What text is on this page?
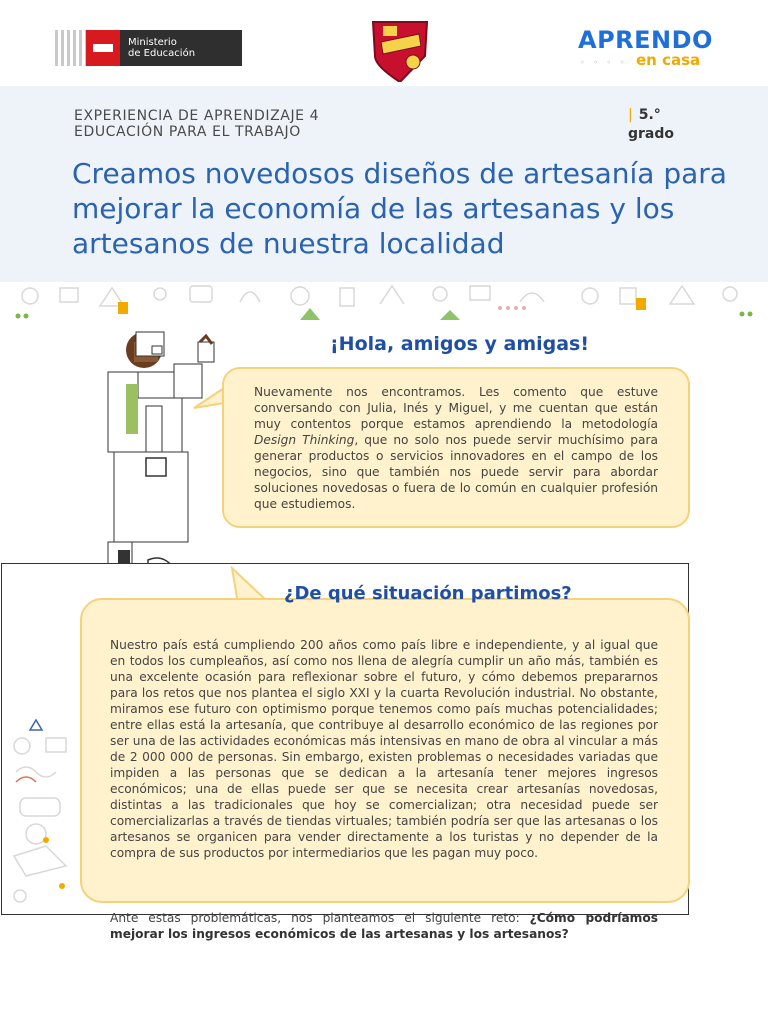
Ministerio
de Educación	APRENDO
◦ ◦ ◦ ◦ en casa
EXPERIENCIA DE APRENDIZAJE 4
EDUCACIÓN PARA EL TRABAJO
| 5.°
grado
Creamos novedosos diseños de artesanía para mejorar la economía de las artesanas y los artesanos de nuestra localidad
¡Hola, amigos y amigas!
Nuevamente nos encontramos. Les comento que estuve conversando con Julia, Inés y Miguel, y me cuentan que están muy contentos porque estamos aprendiendo la metodología Design Thinking, que no solo nos puede servir muchísimo para generar productos o servicios innovadores en el campo de los negocios, sino que también nos puede servir para abordar soluciones novedosas o fuera de lo común en cualquier profesión que estudiemos.
¿De qué situación partimos?
Nuestro país está cumpliendo 200 años como país libre e independiente, y al igual que en todos los cumpleaños, así como nos llena de alegría cumplir un año más, también es una excelente ocasión para reflexionar sobre el futuro, y cómo debemos prepararnos para los retos que nos plantea el siglo XXI y la cuarta Revolución industrial. No obstante, miramos ese futuro con optimismo porque tenemos como país muchas potencialidades; entre ellas está la artesanía, que contribuye al desarrollo económico de las regiones por ser una de las actividades económicas más intensivas en mano de obra al vincular a más de 2 000 000 de personas. Sin embargo, existen problemas o necesidades variadas que impiden a las personas que se dedican a la artesanía tener mejores ingresos económicos; una de ellas puede ser que se necesita crear artesanías novedosas, distintas a las tradicionales que hoy se comercializan; otra necesidad puede ser comercializarlas a través de tiendas virtuales; también podría ser que las artesanas o los artesanos se organicen para vender directamente a los turistas y no depender de la compra de sus productos por intermediarios que les pagan muy poco.
Ante estas problemáticas, nos planteamos el siguiente reto: ¿Cómo podríamos mejorar los ingresos económicos de las artesanas y los artesanos?
